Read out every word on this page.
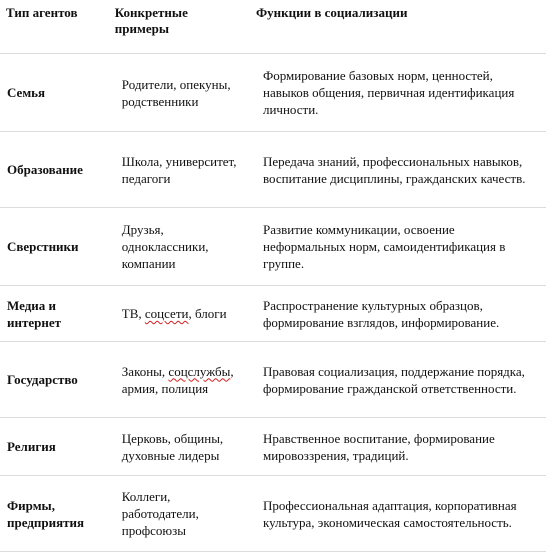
Тип агентов	Конкретные примеры	Функции в социализации
Семья	Родители, опекуны, родственники	Формирование базовых норм, ценностей, навыков общения, первичная идентификация личности.
Образование	Школа, университет, педагоги	Передача знаний, профессиональных навыков, воспитание дисциплины, гражданских качеств.
Сверстники	Друзья, одноклассники, компании	Развитие коммуникации, освоение неформальных норм, самоидентификация в группе.
Медиа и интернет	ТВ, соцсети, блоги	Распространение культурных образцов, формирование взглядов, информирование.
Государство	Законы, соцслужбы, армия, полиция	Правовая социализация, поддержание порядка, формирование гражданской ответственности.
Религия	Церковь, общины, духовные лидеры	Нравственное воспитание, формирование мировоззрения, традиций.
Фирмы, предприятия	Коллеги, работодатели, профсоюзы	Профессиональная адаптация, корпоративная культура, экономическая самостоятельность.
